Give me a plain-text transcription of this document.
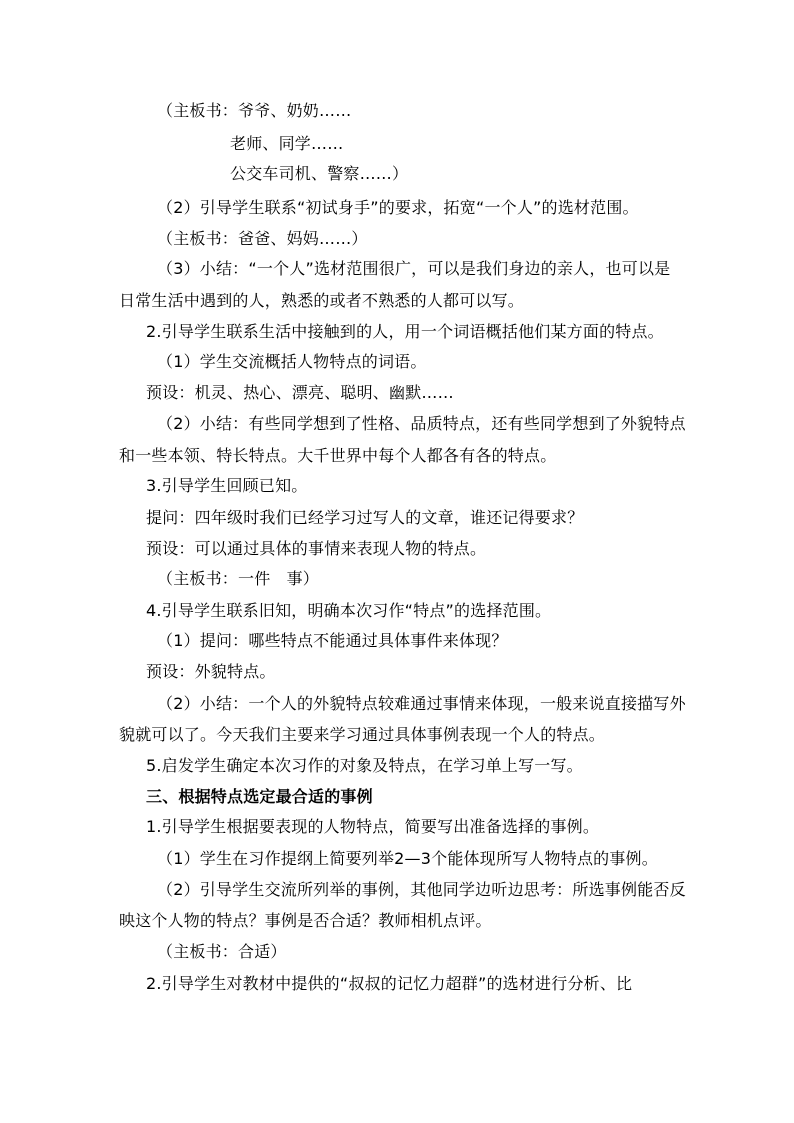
（主板书：爷爷、奶奶……
老师、同学……
公交车司机、警察……）
（2）引导学生联系“初试身手”的要求，拓宽“一个人”的选材范围。
（主板书：爸爸、妈妈……）
（3）小结：“一个人”选材范围很广，可以是我们身边的亲人，也可以是
日常生活中遇到的人，熟悉的或者不熟悉的人都可以写。
2.引导学生联系生活中接触到的人，用一个词语概括他们某方面的特点。
（1）学生交流概括人物特点的词语。
预设：机灵、热心、漂亮、聪明、幽默……
（2）小结：有些同学想到了性格、品质特点，还有些同学想到了外貌特点
和一些本领、特长特点。大千世界中每个人都各有各的特点。
3.引导学生回顾已知。
提问：四年级时我们已经学习过写人的文章，谁还记得要求？
预设：可以通过具体的事情来表现人物的特点。
（主板书：一件　事）
4.引导学生联系旧知，明确本次习作“特点”的选择范围。
（1）提问：哪些特点不能通过具体事件来体现？
预设：外貌特点。
（2）小结：一个人的外貌特点较难通过事情来体现，一般来说直接描写外
貌就可以了。今天我们主要来学习通过具体事例表现一个人的特点。
5.启发学生确定本次习作的对象及特点，在学习单上写一写。
三、根据特点选定最合适的事例
1.引导学生根据要表现的人物特点，简要写出准备选择的事例。
（1）学生在习作提纲上简要列举2—3个能体现所写人物特点的事例。
（2）引导学生交流所列举的事例，其他同学边听边思考：所选事例能否反
映这个人物的特点？事例是否合适？教师相机点评。
（主板书：合适）
2.引导学生对教材中提供的“叔叔的记忆力超群”的选材进行分析、比
